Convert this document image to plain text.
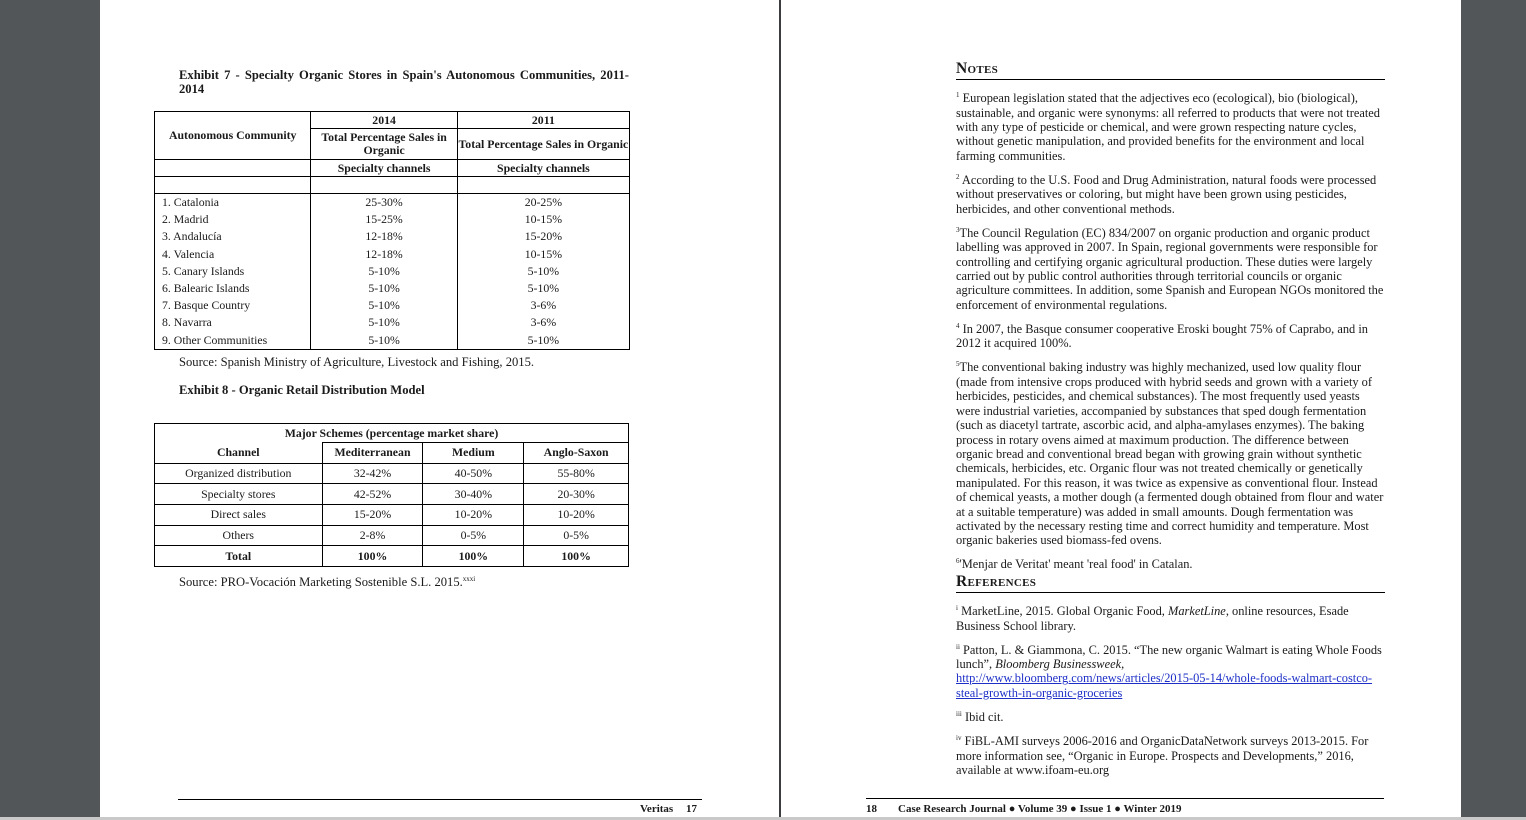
Exhibit 7 - Specialty Organic Stores in Spain's Autonomous Communities, 2011-2014
Autonomous Community	2014	2011
	Total Percentage Sales in Organic	Total Percentage Sales in Organic
	Specialty channels	Specialty channels

1. Catalonia	25-30%	20-25%
2. Madrid	15-25%	10-15%
3. Andalucía	12-18%	15-20%
4. Valencia	12-18%	10-15%
5. Canary Islands	5-10%	5-10%
6. Balearic Islands	5-10%	5-10%
7. Basque Country	5-10%	3-6%
8. Navarra	5-10%	3-6%
9. Other Communities	5-10%	5-10%
Source: Spanish Ministry of Agriculture, Livestock and Fishing, 2015.
Exhibit 8 - Organic Retail Distribution Model
Major Schemes (percentage market share)			
Channel	Mediterranean	Medium	Anglo-Saxon
Organized distribution	32-42%	40-50%	55-80%
Specialty stores	42-52%	30-40%	20-30%
Direct sales	15-20%	10-20%	10-20%
Others	2-8%	0-5%	0-5%
Total	100%	100%	100%
Source: PRO-Vocación Marketing Sostenible S.L. 2015.$^{xxxi}$
Veritas 17
Notes

$^1$ European legislation stated that the adjectives eco (ecological), bio (biological), sustainable, and organic were synonyms: all referred to products that were not treated with any type of pesticide or chemical, and were grown respecting nature cycles, without genetic manipulation, and provided benefits for the environment and local farming communities.

$^2$ According to the U.S. Food and Drug Administration, natural foods were processed without preservatives or coloring, but might have been grown using pesticides, herbicides, and other conventional methods.

$^3$The Council Regulation (EC) 834/2007 on organic production and organic product labelling was approved in 2007. In Spain, regional governments were responsible for controlling and certifying organic agricultural production. These duties were largely carried out by public control authorities through territorial councils or organic agriculture committees. In addition, some Spanish and European NGOs monitored the enforcement of environmental regulations.

$^4$ In 2007, the Basque consumer cooperative Eroski bought 75% of Caprabo, and in 2012 it acquired 100%.

$^5$The conventional baking industry was highly mechanized, used low quality flour (made from intensive crops produced with hybrid seeds and grown with a variety of herbicides, pesticides, and chemical substances). The most frequently used yeasts were industrial varieties, accompanied by substances that sped dough fermentation (such as diacetyl tartrate, ascorbic acid, and alpha-amylases enzymes). The baking process in rotary ovens aimed at maximum production. The difference between organic bread and conventional bread began with growing grain without synthetic chemicals, herbicides, etc. Organic flour was not treated chemically or genetically manipulated. For this reason, it was twice as expensive as conventional flour. Instead of chemical yeasts, a mother dough (a fermented dough obtained from flour and water at a suitable temperature) was added in small amounts. Dough fermentation was activated by the necessary resting time and correct humidity and temperature. Most organic bakeries used biomass-fed ovens.

$^6$'Menjar de Veritat' meant 'real food' in Catalan.

References

$^i$ MarketLine, 2015. Global Organic Food, MarketLine, online resources, Esade Business School library.

$^{ii}$ Patton, L. & Giammona, C. 2015. “The new organic Walmart is eating Whole Foods lunch”, Bloomberg Businessweek,
http://www.bloomberg.com/news/articles/2015-05-14/whole-foods-walmart-costco-steal-growth-in-organic-groceries

$^{iii}$ Ibid cit.

$^{iv}$ FiBL-AMI surveys 2006-2016 and OrganicDataNetwork surveys 2013-2015. For more information see, “Organic in Europe. Prospects and Developments,” 2016, available at www.ifoam-eu.org

18 Case Research Journal ● Volume 39 ● Issue 1 ● Winter 2019
